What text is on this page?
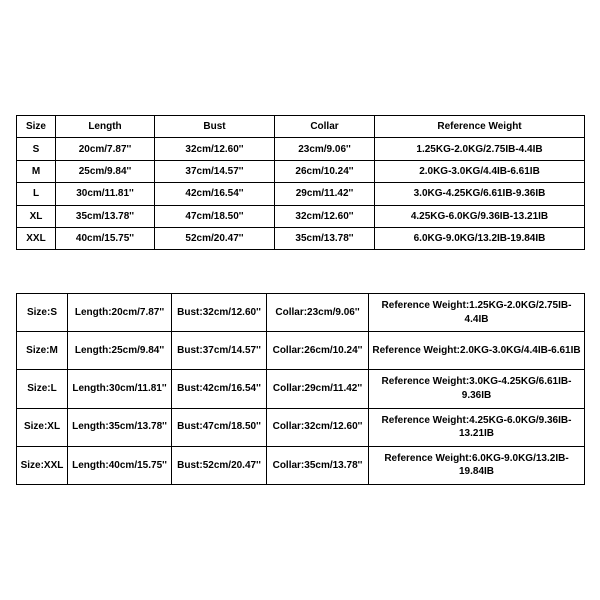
Size	Length	Bust	Collar	Reference Weight
S	20cm/7.87''	32cm/12.60''	23cm/9.06''	1.25KG-2.0KG/2.75IB-4.4IB
M	25cm/9.84''	37cm/14.57''	26cm/10.24''	2.0KG-3.0KG/4.4IB-6.61IB
L	30cm/11.81''	42cm/16.54''	29cm/11.42''	3.0KG-4.25KG/6.61IB-9.36IB
XL	35cm/13.78''	47cm/18.50''	32cm/12.60''	4.25KG-6.0KG/9.36IB-13.21IB
XXL	40cm/15.75''	52cm/20.47''	35cm/13.78''	6.0KG-9.0KG/13.2IB-19.84IB
Size:S	Length:20cm/7.87''	Bust:32cm/12.60''	Collar:23cm/9.06''	Reference Weight:1.25KG-2.0KG/2.75IB-4.4IB
Size:M	Length:25cm/9.84''	Bust:37cm/14.57''	Collar:26cm/10.24''	Reference Weight:2.0KG-3.0KG/4.4IB-6.61IB
Size:L	Length:30cm/11.81''	Bust:42cm/16.54''	Collar:29cm/11.42''	Reference Weight:3.0KG-4.25KG/6.61IB-9.36IB
Size:XL	Length:35cm/13.78''	Bust:47cm/18.50''	Collar:32cm/12.60''	Reference Weight:4.25KG-6.0KG/9.36IB-13.21IB
Size:XXL	Length:40cm/15.75''	Bust:52cm/20.47''	Collar:35cm/13.78''	Reference Weight:6.0KG-9.0KG/13.2IB-19.84IB
